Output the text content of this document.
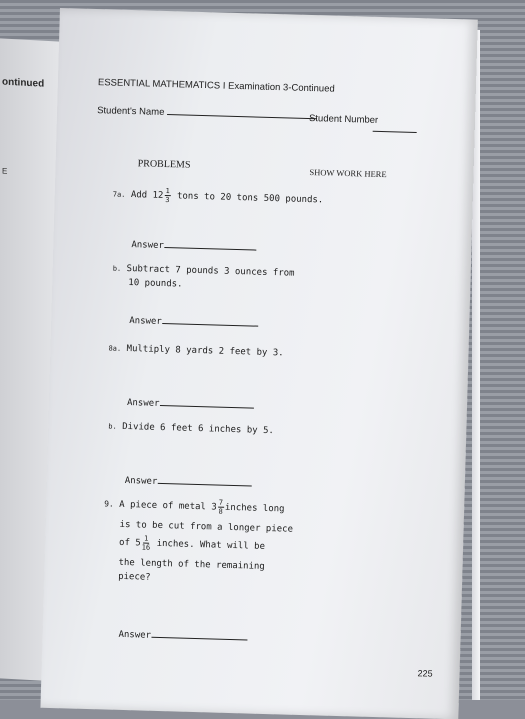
ontinued
E
ESSENTIAL MATHEMATICS I Examination 3-Continued
Student's Name
Student Number
PROBLEMS
SHOW WORK HERE
7a. Add $12 \frac{1}{3}$ tons to 20 tons 500 pounds.
Answer
b. Subtract 7 pounds 3 ounces from
10 pounds.
Answer
8a. Multiply 8 yards 2 feet by 3.
Answer
b. Divide 6 feet 6 inches by 5.
Answer
9. A piece of metal $3 \frac{7}{8}$ inches long
is to be cut from a longer piece
of $5 \frac{1}{16}$ inches. What will be
the length of the remaining
piece?
Answer
225
